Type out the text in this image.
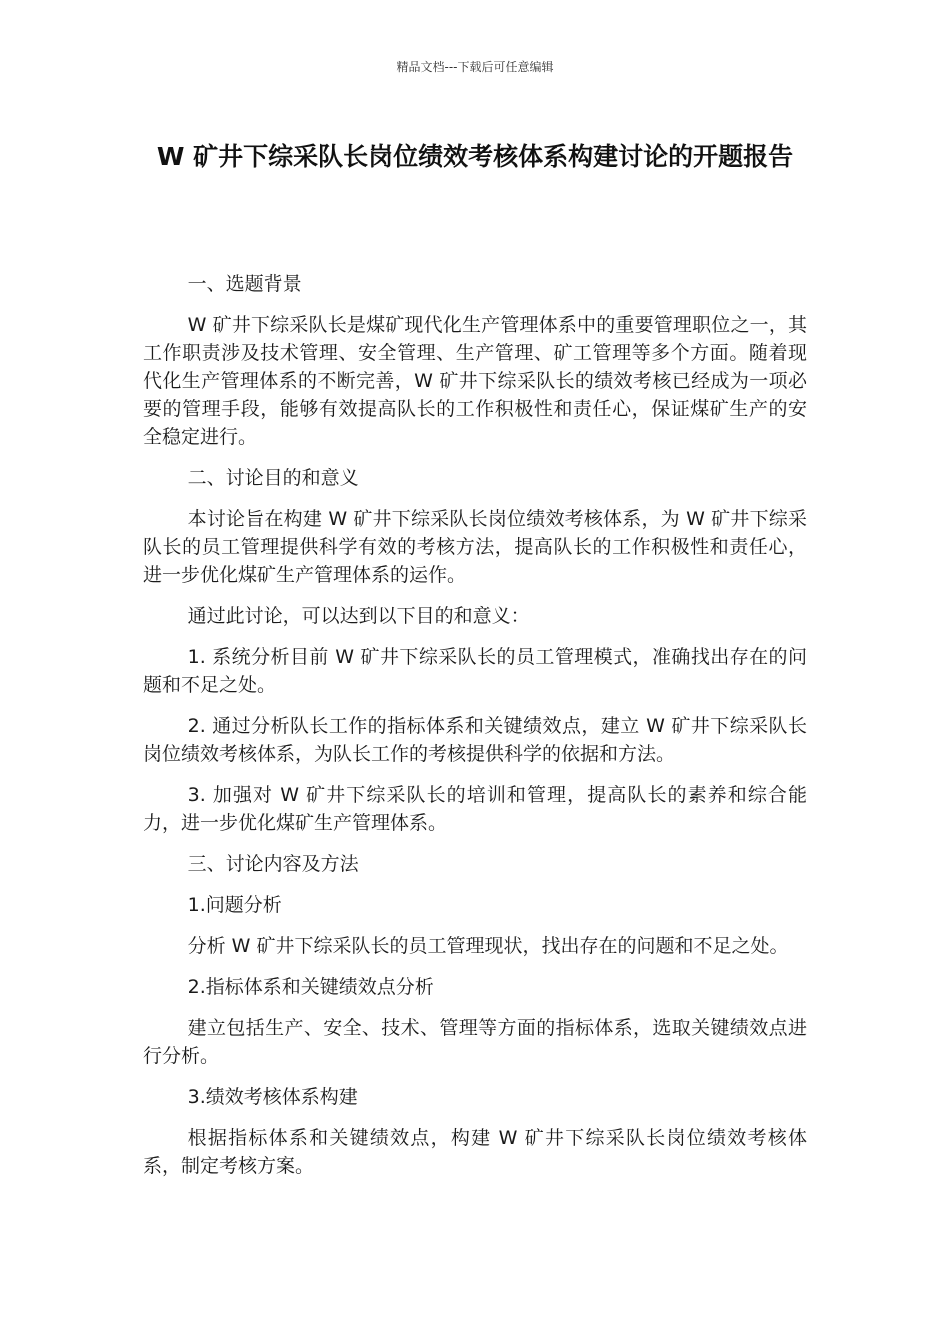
精品文档---下载后可任意编辑
W 矿井下综采队长岗位绩效考核体系构建讨论的开题报告

一、选题背景

W 矿井下综采队长是煤矿现代化生产管理体系中的重要管理职位之一，其工作职责涉及技术管理、安全管理、生产管理、矿工管理等多个方面。随着现代化生产管理体系的不断完善，W 矿井下综采队长的绩效考核已经成为一项必要的管理手段，能够有效提高队长的工作积极性和责任心，保证煤矿生产的安全稳定进行。

二、讨论目的和意义

本讨论旨在构建 W 矿井下综采队长岗位绩效考核体系，为 W 矿井下综采队长的员工管理提供科学有效的考核方法，提高队长的工作积极性和责任心，进一步优化煤矿生产管理体系的运作。

通过此讨论，可以达到以下目的和意义：

1. 系统分析目前 W 矿井下综采队长的员工管理模式，准确找出存在的问题和不足之处。

2. 通过分析队长工作的指标体系和关键绩效点，建立 W 矿井下综采队长岗位绩效考核体系，为队长工作的考核提供科学的依据和方法。

3. 加强对 W 矿井下综采队长的培训和管理，提高队长的素养和综合能力，进一步优化煤矿生产管理体系。

三、讨论内容及方法

1.问题分析

分析 W 矿井下综采队长的员工管理现状，找出存在的问题和不足之处。

2.指标体系和关键绩效点分析

建立包括生产、安全、技术、管理等方面的指标体系，选取关键绩效点进行分析。

3.绩效考核体系构建

根据指标体系和关键绩效点，构建 W 矿井下综采队长岗位绩效考核体系，制定考核方案。
